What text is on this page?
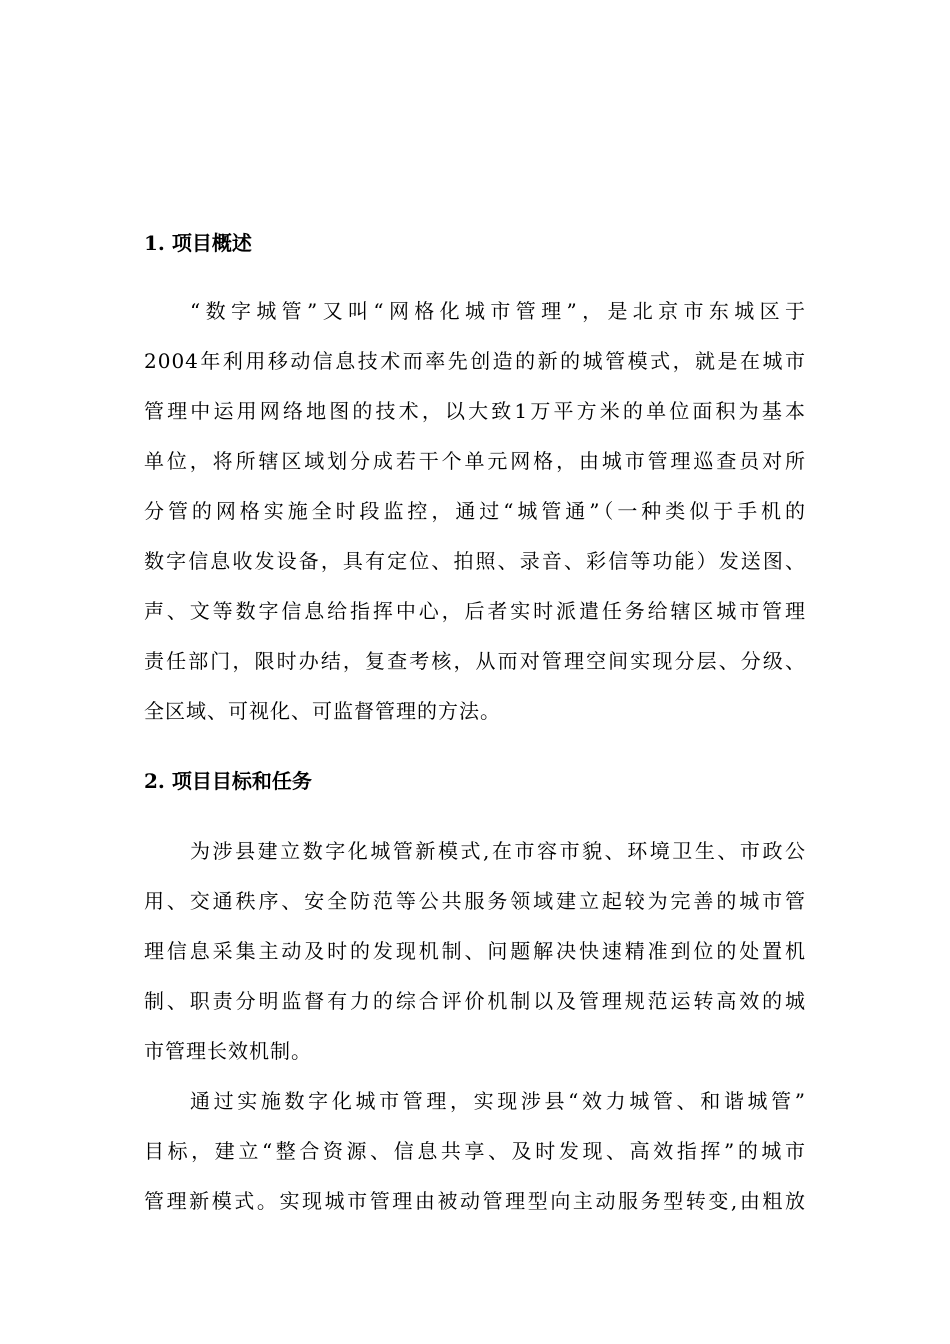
1. 项目概述
“数字城管”又叫“网格化城市管理”，是北京市东城区于
2004年利用移动信息技术而率先创造的新的城管模式，就是在城市
管理中运用网络地图的技术，以大致1万平方米的单位面积为基本
单位，将所辖区域划分成若干个单元网格，由城市管理巡查员对所
分管的网格实施全时段监控，通过“城管通”（一种类似于手机的
数字信息收发设备，具有定位、拍照、录音、彩信等功能）发送图、
声、文等数字信息给指挥中心，后者实时派遣任务给辖区城市管理
责任部门，限时办结，复查考核，从而对管理空间实现分层、分级、
全区域、可视化、可监督管理的方法。
2. 项目目标和任务
为涉县建立数字化城管新模式,在市容市貌、环境卫生、市政公
用、交通秩序、安全防范等公共服务领域建立起较为完善的城市管
理信息采集主动及时的发现机制、问题解决快速精准到位的处置机
制、职责分明监督有力的综合评价机制以及管理规范运转高效的城
市管理长效机制。
通过实施数字化城市管理，实现涉县“效力城管、和谐城管”
目标，建立“整合资源、信息共享、及时发现、高效指挥”的城市
管理新模式。实现城市管理由被动管理型向主动服务型转变,由粗放
